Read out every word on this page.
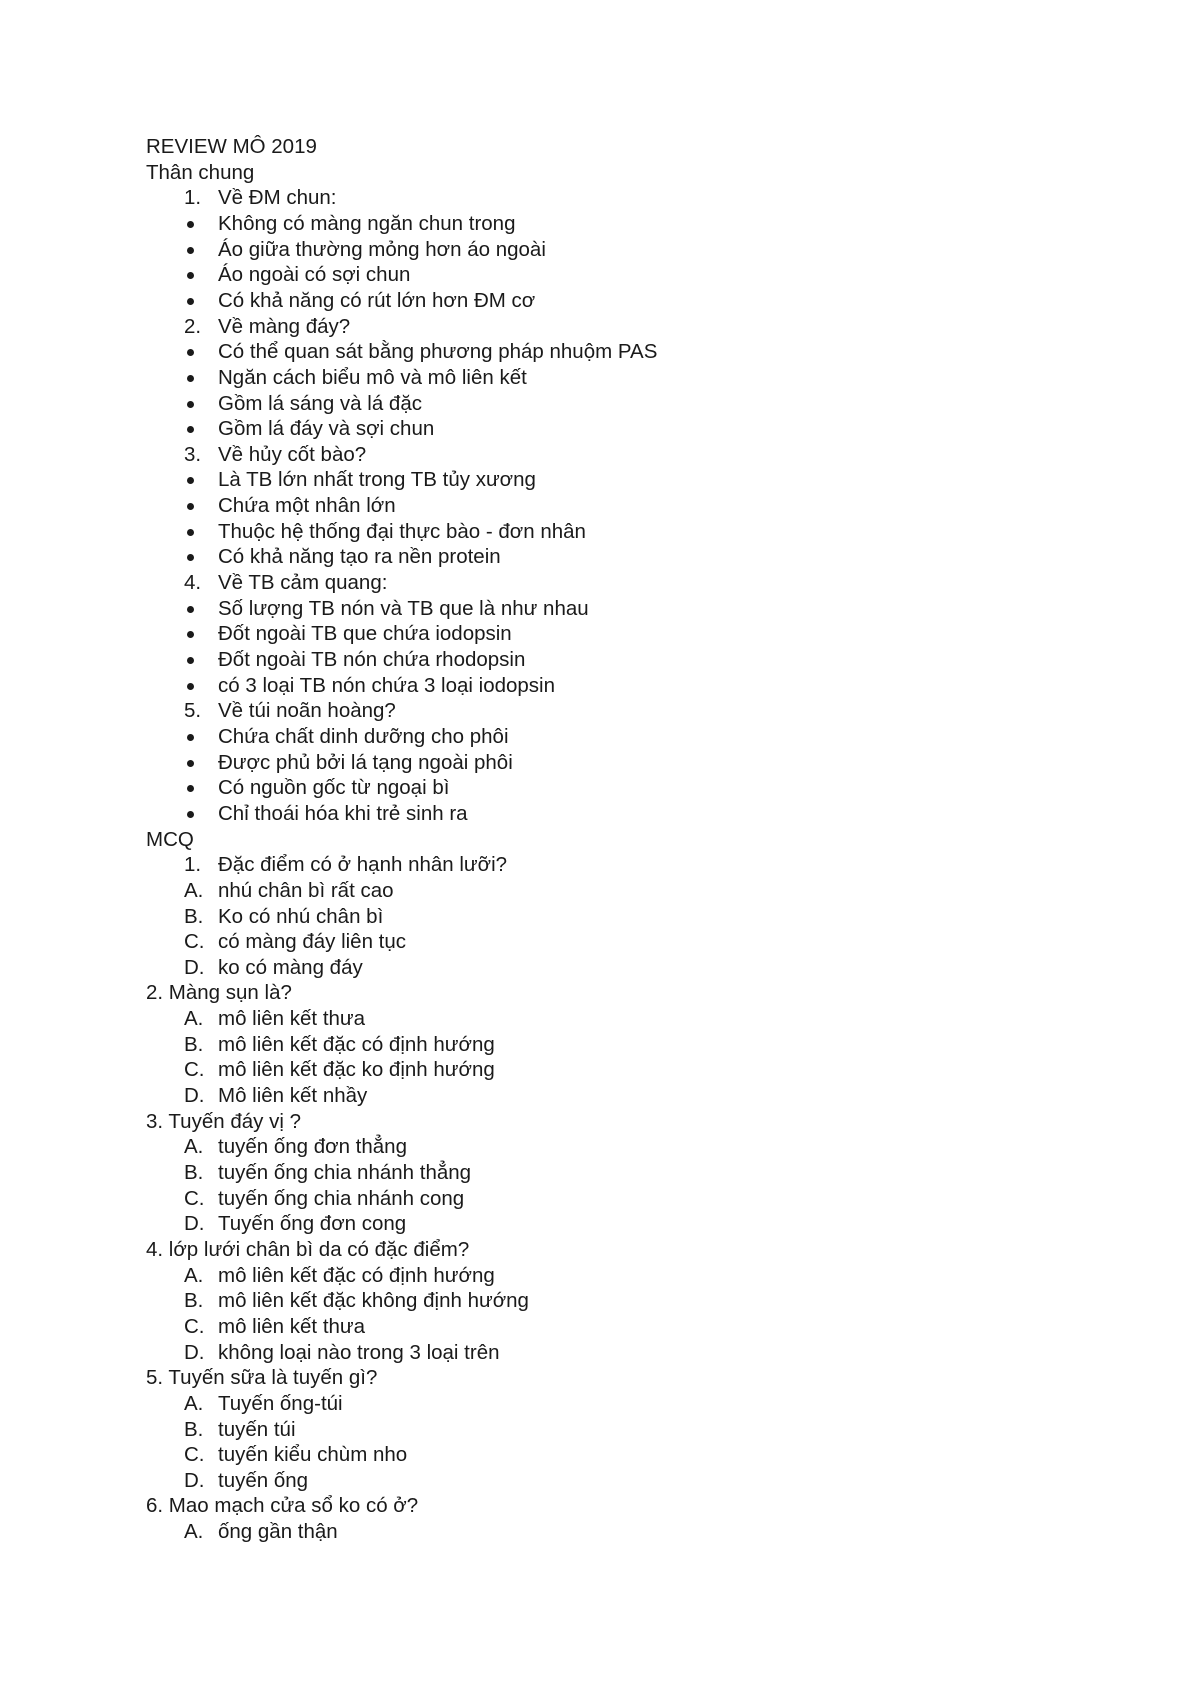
REVIEW MÔ 2019
Thân chung
1. Về ĐM chun:
Không có màng ngăn chun trong
Áo giữa thường mỏng hơn áo ngoài
Áo ngoài có sợi chun
Có khả năng có rút lớn hơn ĐM cơ
2. Về màng đáy?
Có thể quan sát bằng phương pháp nhuộm PAS
Ngăn cách biểu mô và mô liên kết
Gồm lá sáng và lá đặc
Gồm lá đáy và sợi chun
3. Về hủy cốt bào?
Là TB lớn nhất trong TB tủy xương
Chứa một nhân lớn
Thuộc hệ thống đại thực bào - đơn nhân
Có khả năng tạo ra nền protein
4. Về TB cảm quang:
Số lượng TB nón và TB que là như nhau
Đốt ngoài TB que chứa iodopsin
Đốt ngoài TB nón chứa rhodopsin
có 3 loại TB nón chứa 3 loại iodopsin
5. Về túi noãn hoàng?
Chứa chất dinh dưỡng cho phôi
Được phủ bởi lá tạng ngoài phôi
Có nguồn gốc từ ngoại bì
Chỉ thoái hóa khi trẻ sinh ra
MCQ
1. Đặc điểm có ở hạnh nhân lưỡi?
A. nhú chân bì rất cao
B. Ko có nhú chân bì
C. có màng đáy liên tục
D. ko có màng đáy
2. Màng sụn là?
A. mô liên kết thưa
B. mô liên kết đặc có định hướng
C. mô liên kết đặc ko định hướng
D. Mô liên kết nhầy
3. Tuyến đáy vị ?
A. tuyến ống đơn thẳng
B. tuyến ống chia nhánh thẳng
C. tuyến ống chia nhánh cong
D. Tuyến ống đơn cong
4. lớp lưới chân bì da có đặc điểm?
A. mô liên kết đặc có định hướng
B. mô liên kết đặc không định hướng
C. mô liên kết thưa
D. không loại nào trong 3 loại trên
5. Tuyến sữa là tuyến gì?
A. Tuyến ống-túi
B. tuyến túi
C. tuyến kiểu chùm nho
D. tuyến ống
6. Mao mạch cửa sổ ko có ở?
A. ống gần thận
